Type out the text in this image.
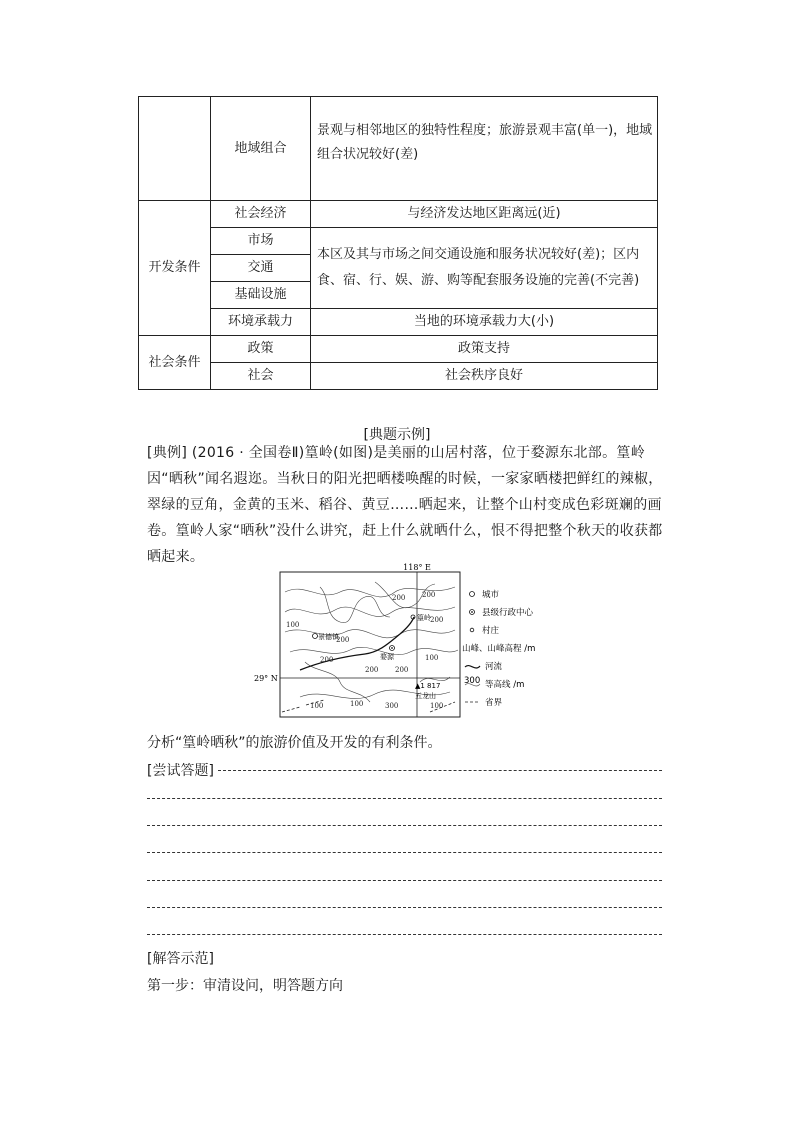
	地域组合	景观与相邻地区的独特性程度；旅游景观丰富(单一)，地域组合状况较好(差)
开发条件	社会经济	与经济发达地区距离远(近)
	市场	本区及其与市场之间交通设施和服务状况较好(差)；区内食、宿、行、娱、游、购等配套服务设施的完善(不完善)
	交通	
	基础设施	
	环境承载力	当地的环境承载力大(小)
社会条件	政策	政策支持
	社会	社会秩序良好
[典题示例]
[典例] (2016 · 全国卷Ⅱ)篁岭(如图)是美丽的山居村落，位于婺源东北部。篁岭因“晒秋”闻名遐迩。当秋日的阳光把晒楼唤醒的时候，一家家晒楼把鲜红的辣椒，翠绿的豆角，金黄的玉米、稻谷、黄豆……晒起来，让整个山村变成色彩斑斓的画卷。篁岭人家“晒秋”没什么讲究，赶上什么就晒什么，恨不得把整个秋天的收获都晒起来。
118° E
29° N
100
200
200 200
200
200
200
100
200
100	100	300	100
篁岭
景德镇
婺源
▲1 817
五龙山
城市
县级行政中心
村庄
山峰、山峰高程 /m
河流
300 等高线 /m
省界
分析“篁岭晒秋”的旅游价值及开发的有利条件。
[尝试答题]
[解答示范]
第一步：审清设问，明答题方向
